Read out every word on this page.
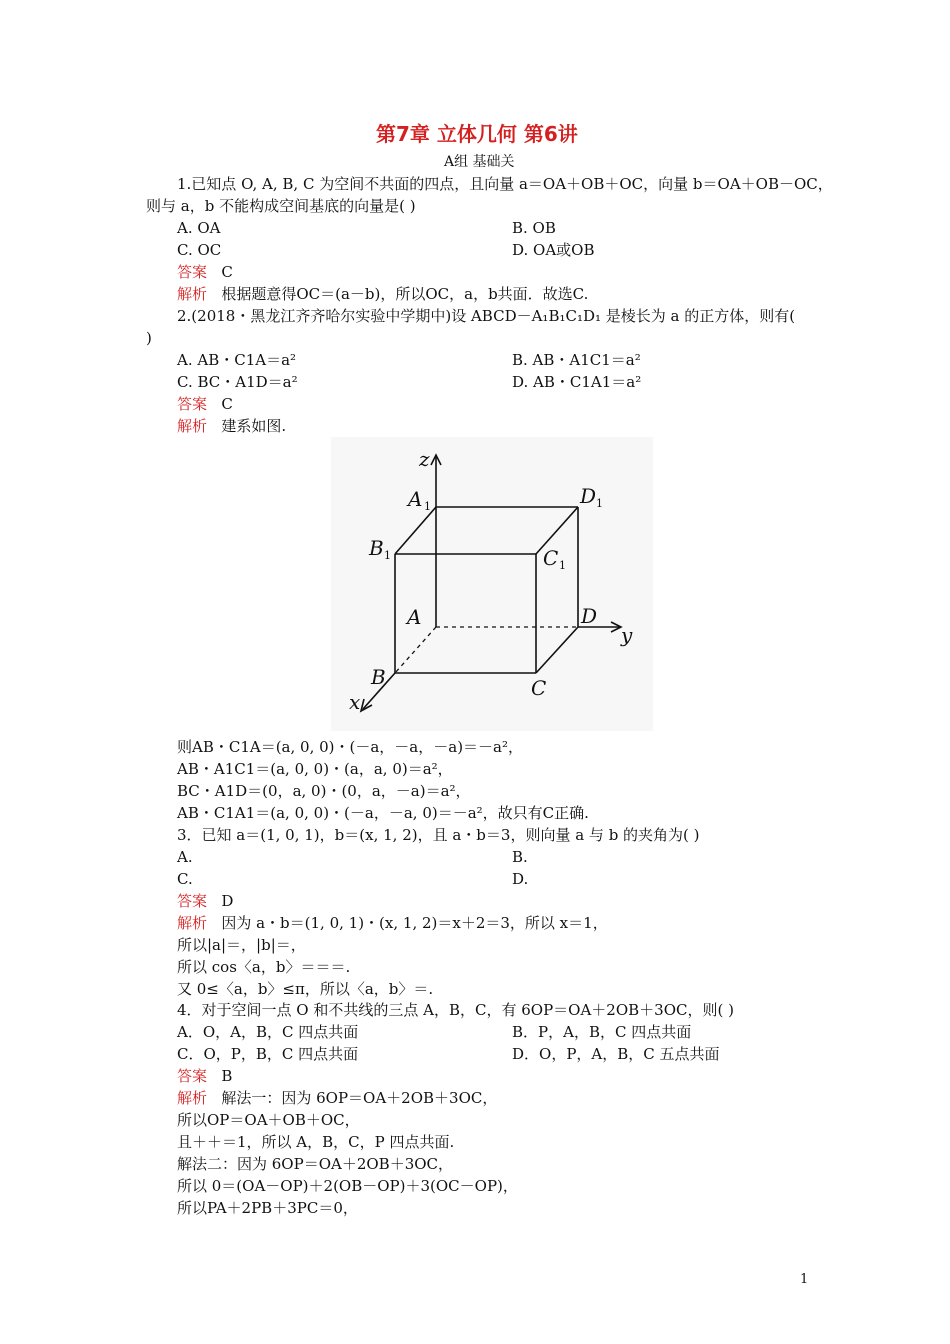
第7章 立体几何 第6讲
A组 基础关
1.已知点 O, A, B, C 为空间不共面的四点，且向量 a＝OA＋OB＋OC，向量 b＝OA＋OB－OC，
则与 a，b 不能构成空间基底的向量是( )
A. OA	B. OB
C. OC	D. OA或OB
答案 C
解析 根据题意得OC＝(a－b)，所以OC，a，b共面．故选C.
2.(2018・黑龙江齐齐哈尔实验中学期中)设 ABCD－A₁B₁C₁D₁ 是棱长为 a 的正方体，则有(
)
A. AB・C1A＝a²	B. AB・A1C1＝a²
C. BC・A1D＝a²	D. AB・C1A1＝a²
答案 C
解析 建系如图.
z
A 1	D 1
B 1	C 1
A	D
y
B	C
x
则AB・C1A＝(a, 0, 0)・(－a，－a，－a)＝－a²，
AB・A1C1＝(a, 0, 0)・(a，a, 0)＝a²，
BC・A1D＝(0，a, 0)・(0，a，－a)＝a²，
AB・C1A1＝(a, 0, 0)・(－a，－a, 0)＝－a²，故只有C正确.
3．已知 a＝(1, 0, 1)，b＝(x, 1, 2)，且 a・b＝3，则向量 a 与 b 的夹角为( )
A.	B.
C.	D.
答案 D
解析 因为 a・b＝(1, 0, 1)・(x, 1, 2)＝x＋2＝3，所以 x＝1，
所以|a|＝，|b|＝，
所以 cos〈a，b〉＝＝＝.
又 0≤〈a，b〉≤π，所以〈a，b〉＝.
4．对于空间一点 O 和不共线的三点 A，B，C，有 6OP＝OA＋2OB＋3OC，则( )
A．O，A，B，C 四点共面	B．P，A，B，C 四点共面
C．O，P，B，C 四点共面	D．O，P，A，B，C 五点共面
答案 B
解析 解法一：因为 6OP＝OA＋2OB＋3OC，
所以OP＝OA＋OB＋OC，
且＋＋＝1，所以 A，B，C，P 四点共面.
解法二：因为 6OP＝OA＋2OB＋3OC，
所以 0＝(OA－OP)＋2(OB－OP)＋3(OC－OP)，
所以PA＋2PB＋3PC＝0，
1
